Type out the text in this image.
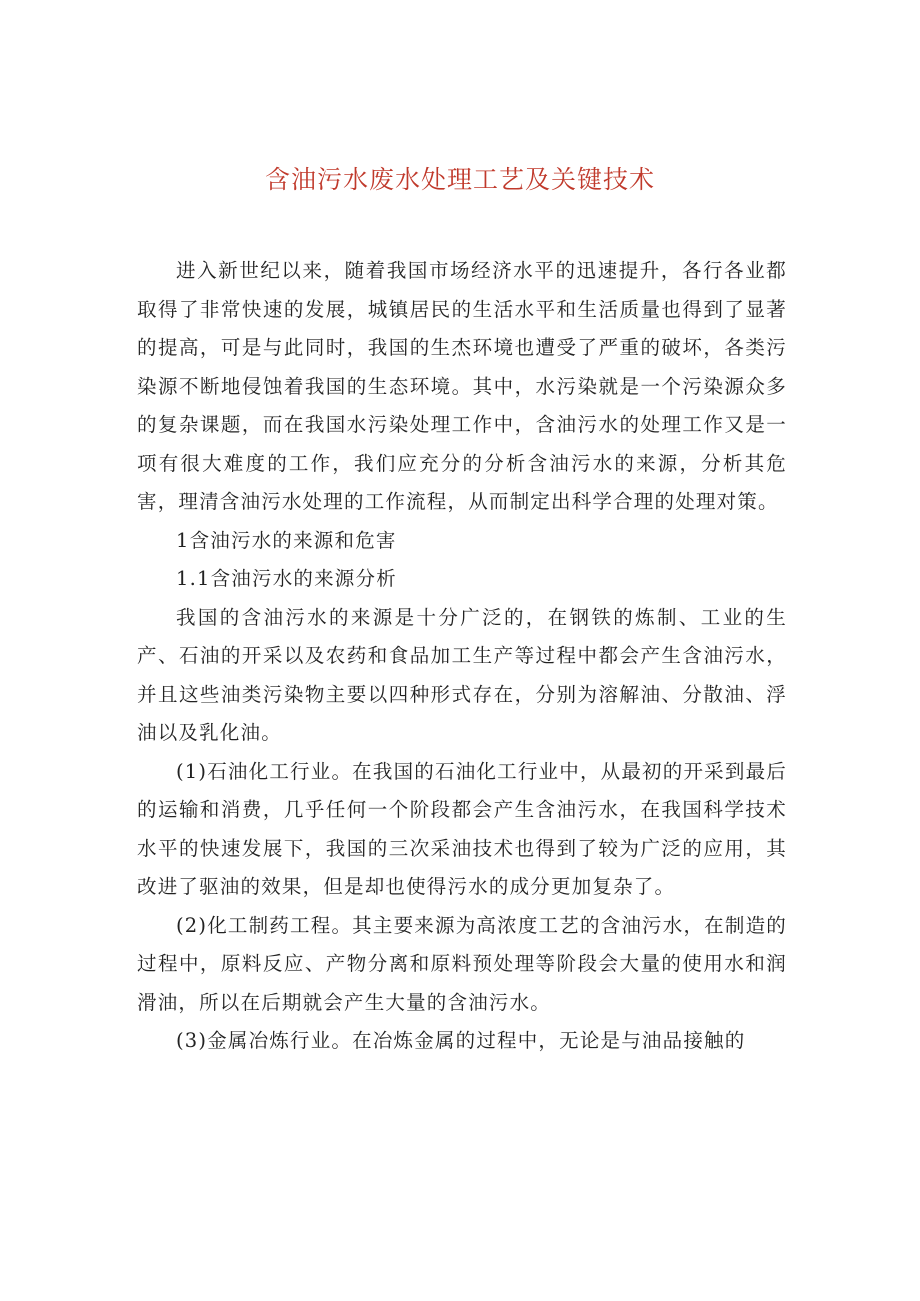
含油污水废水处理工艺及关键技术

进入新世纪以来，随着我国市场经济水平的迅速提升，各行各业都取得了非常快速的发展，城镇居民的生活水平和生活质量也得到了显著的提高，可是与此同时，我国的生杰环境也遭受了严重的破坏，各类污染源不断地侵蚀着我国的生态环境。其中，水污染就是一个污染源众多的复杂课题，而在我国水污染处理工作中，含油污水的处理工作又是一项有很大难度的工作，我们应充分的分析含油污水的来源，分析其危害，理清含油污水处理的工作流程，从而制定出科学合理的处理对策。

1含油污水的来源和危害

1.1含油污水的来源分析

我国的含油污水的来源是十分广泛的，在钢铁的炼制、工业的生产、石油的开采以及农药和食品加工生产等过程中都会产生含油污水，并且这些油类污染物主要以四种形式存在，分别为溶解油、分散油、浮油以及乳化油。

(1)石油化工行业。在我国的石油化工行业中，从最初的开采到最后的运输和消费，几乎任何一个阶段都会产生含油污水，在我国科学技术水平的快速发展下，我国的三次采油技术也得到了较为广泛的应用，其改进了驱油的效果，但是却也使得污水的成分更加复杂了。

(2)化工制药工程。其主要来源为高浓度工艺的含油污水，在制造的过程中，原料反应、产物分离和原料预处理等阶段会大量的使用水和润滑油，所以在后期就会产生大量的含油污水。

(3)金属冶炼行业。在冶炼金属的过程中，无论是与油品接触的
